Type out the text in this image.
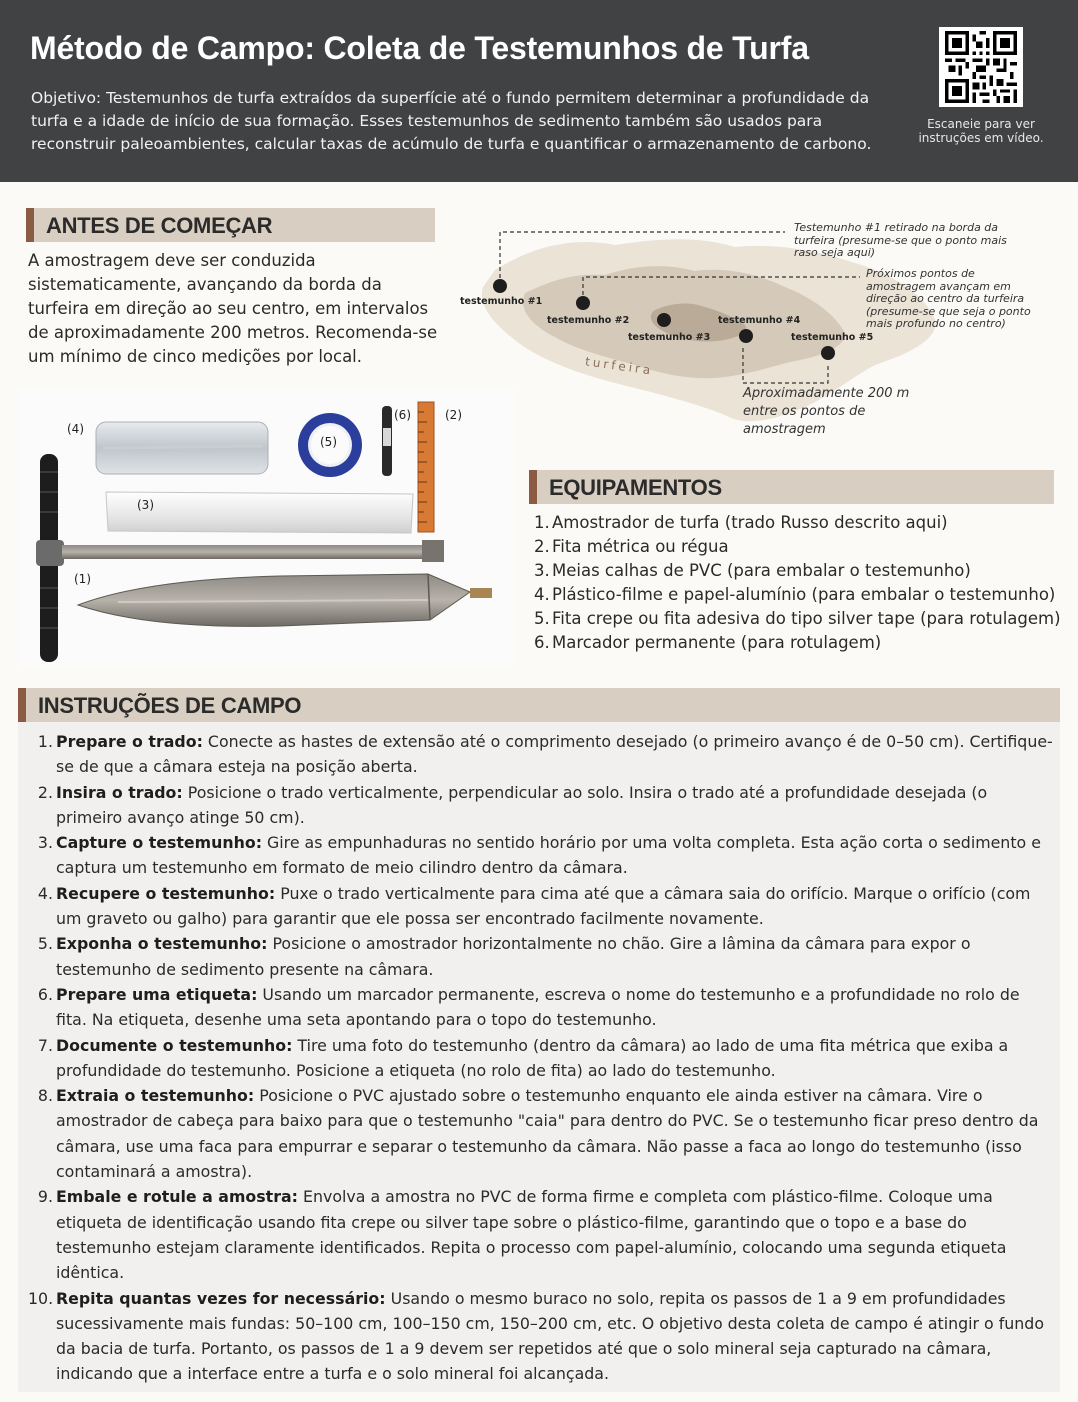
Método de Campo: Coleta de Testemunhos de Turfa

Objetivo: Testemunhos de turfa extraídos da superfície até o fundo permitem determinar a profundidade da turfa e a idade de início de sua formação. Esses testemunhos de sedimento também são usados para reconstruir paleoambientes, calcular taxas de acúmulo de turfa e quantificar o armazenamento de carbono.

Escaneie para ver instruções em vídeo.

ANTES DE COMEÇAR

A amostragem deve ser conduzida sistematicamente, avançando da borda da turfeira em direção ao seu centro, em intervalos de aproximadamente 200 metros. Recomenda-se um mínimo de cinco medições por local.

testemunho #1
testemunho #2
testemunho #3
testemunho #4
testemunho #5
turfeira
Testemunho #1 retirado na borda da turfeira (presume-se que o ponto mais raso seja aqui)
Próximos pontos de amostragem avançam em direção ao centro da turfeira (presume-se que seja o ponto mais profundo no centro)
Aproximadamente 200 m entre os pontos de amostragem
(4)
(5)
(6)	(2)
(3)
(1)
EQUIPAMENTOS
1. Amostrador de turfa (trado Russo descrito aqui)
2. Fita métrica ou régua
3. Meias calhas de PVC (para embalar o testemunho)
4. Plástico-filme e papel-alumínio (para embalar o testemunho)
5. Fita crepe ou fita adesiva do tipo silver tape (para rotulagem)
6. Marcador permanente (para rotulagem)
INSTRUÇÕES DE CAMPO
1. Prepare o trado: Conecte as hastes de extensão até o comprimento desejado (o primeiro avanço é de 0–50 cm). Certifique-se de que a câmara esteja na posição aberta.
2. Insira o trado: Posicione o trado verticalmente, perpendicular ao solo. Insira o trado até a profundidade desejada (o primeiro avanço atinge 50 cm).
3. Capture o testemunho: Gire as empunhaduras no sentido horário por uma volta completa. Esta ação corta o sedimento e captura um testemunho em formato de meio cilindro dentro da câmara.
4. Recupere o testemunho: Puxe o trado verticalmente para cima até que a câmara saia do orifício. Marque o orifício (com um graveto ou galho) para garantir que ele possa ser encontrado facilmente novamente.
5. Exponha o testemunho: Posicione o amostrador horizontalmente no chão. Gire a lâmina da câmara para expor o testemunho de sedimento presente na câmara.
6. Prepare uma etiqueta: Usando um marcador permanente, escreva o nome do testemunho e a profundidade no rolo de fita. Na etiqueta, desenhe uma seta apontando para o topo do testemunho.
7. Documente o testemunho: Tire uma foto do testemunho (dentro da câmara) ao lado de uma fita métrica que exiba a profundidade do testemunho. Posicione a etiqueta (no rolo de fita) ao lado do testemunho.
8. Extraia o testemunho: Posicione o PVC ajustado sobre o testemunho enquanto ele ainda estiver na câmara. Vire o amostrador de cabeça para baixo para que o testemunho "caia" para dentro do PVC. Se o testemunho ficar preso dentro da câmara, use uma faca para empurrar e separar o testemunho da câmara. Não passe a faca ao longo do testemunho (isso contaminará a amostra).
9. Embale e rotule a amostra: Envolva a amostra no PVC de forma firme e completa com plástico-filme. Coloque uma etiqueta de identificação usando fita crepe ou silver tape sobre o plástico-filme, garantindo que o topo e a base do testemunho estejam claramente identificados. Repita o processo com papel-alumínio, colocando uma segunda etiqueta idêntica.
10. Repita quantas vezes for necessário: Usando o mesmo buraco no solo, repita os passos de 1 a 9 em profundidades sucessivamente mais fundas: 50–100 cm, 100–150 cm, 150–200 cm, etc. O objetivo desta coleta de campo é atingir o fundo da bacia de turfa. Portanto, os passos de 1 a 9 devem ser repetidos até que o solo mineral seja capturado na câmara, indicando que a interface entre a turfa e o solo mineral foi alcançada.
